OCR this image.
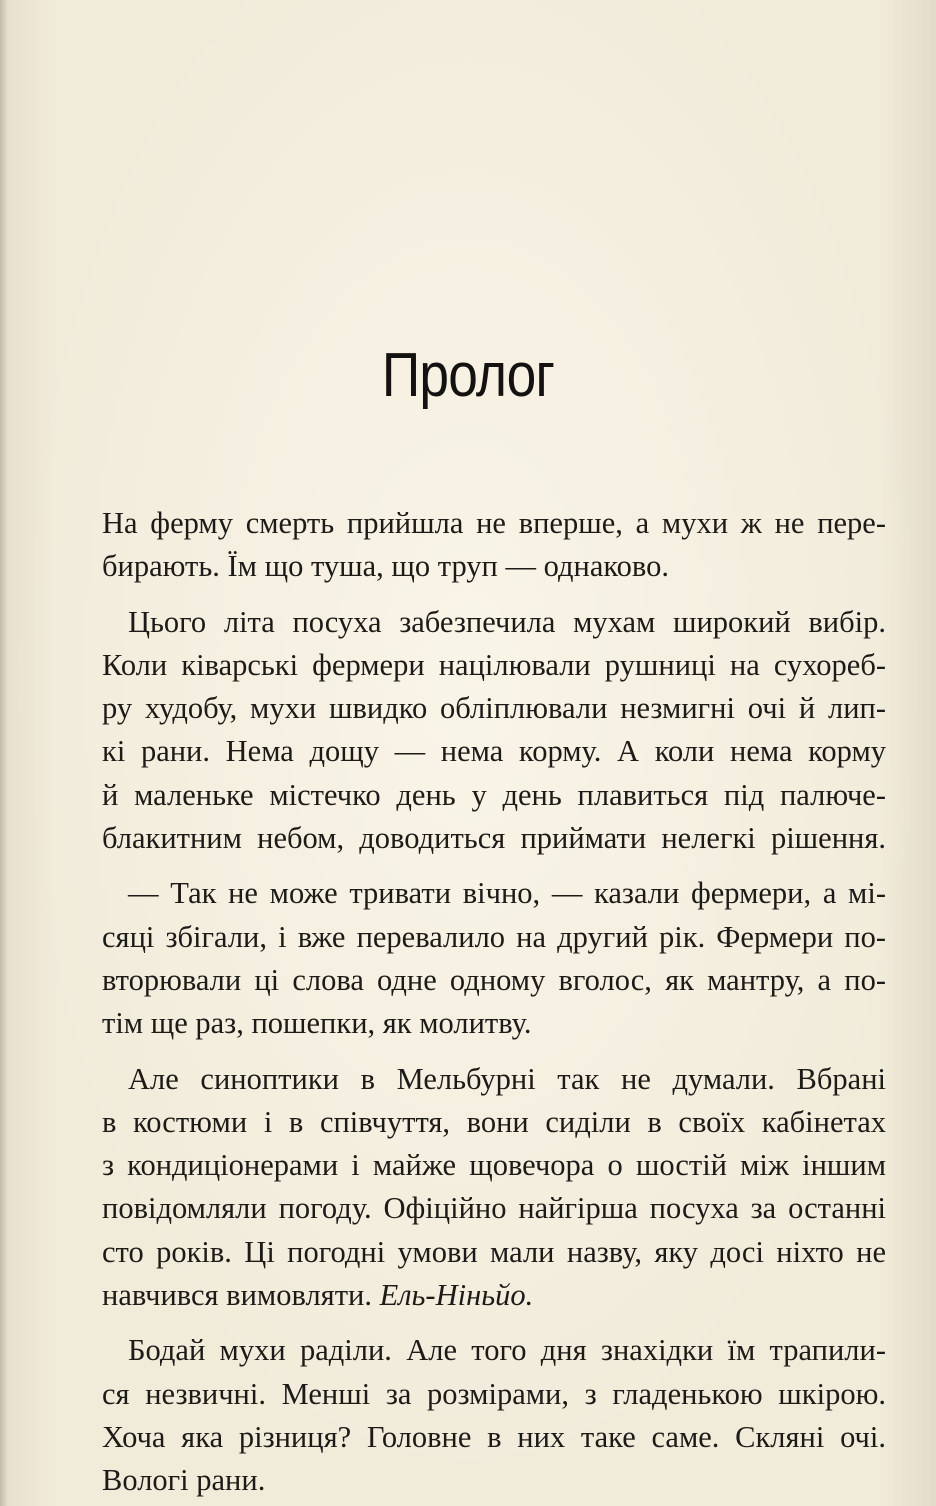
Пролог
На ферму смерть прийшла не вперше, а мухи ж не пере-
бирають. Їм що туша, що труп — однаково.
Цього літа посуха забезпечила мухам широкий вибір.
Коли ківарські фермери націлювали рушниці на сухореб-
ру худобу, мухи швидко обліплювали незмигні очі й лип-
кі рани. Нема дощу — нема корму. А коли нема корму
й маленьке містечко день у день плавиться під палюче-
блакитним небом, доводиться приймати нелегкі рішення.
— Так не може тривати вічно, — казали фермери, а мі-
сяці збігали, і вже перевалило на другий рік. Фермери по-
вторювали ці слова одне одному вголос, як мантру, а по-
тім ще раз, пошепки, як молитву.
Але синоптики в Мельбурні так не думали. Вбрані
в костюми і в співчуття, вони сиділи в своїх кабінетах
з кондиціонерами і майже щовечора о шостій між іншим
повідомляли погоду. Офіційно найгірша посуха за останні
сто років. Ці погодні умови мали назву, яку досі ніхто не
навчився вимовляти. Ель-Ніньйо.
Бодай мухи раділи. Але того дня знахідки їм трапили-
ся незвичні. Менші за розмірами, з гладенькою шкірою.
Хоча яка різниця? Головне в них таке саме. Скляні очі.
Вологі рани.
